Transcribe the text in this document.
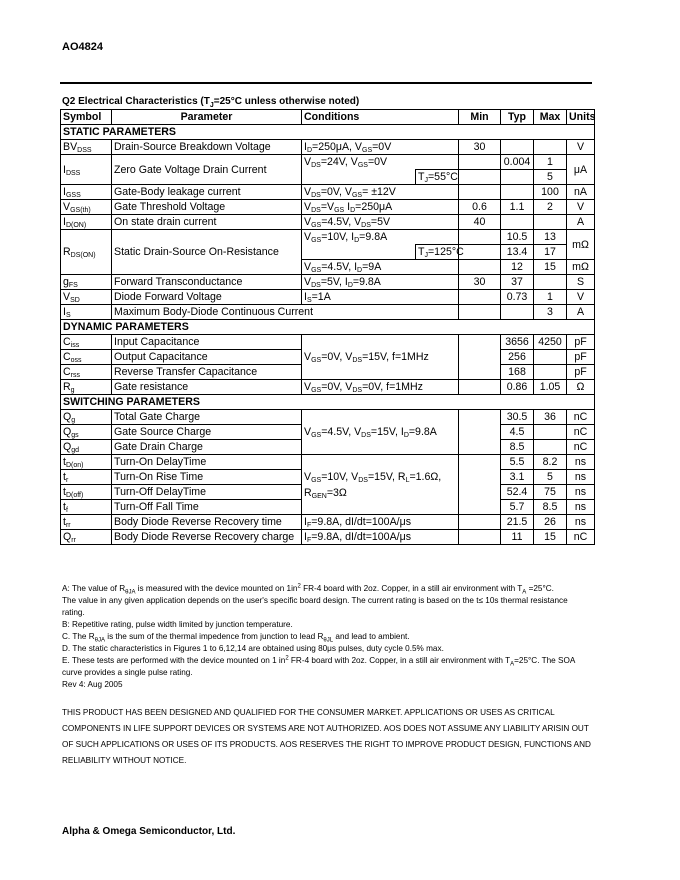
AO4824
Q2 Electrical Characteristics ($T_J=25^\circ C$ unless otherwise noted)
Symbol	Parameter	Conditions		Min	Typ	Max	Units
STATIC PARAMETERS							
$BV_{DSS}$	Drain-Source Breakdown Voltage	$I_D=250\mu A$, $V_{GS}=0V$		30			V
$I_{DSS}$	Zero Gate Voltage Drain Current	$V_{DS}=24V$, $V_{GS}=0V$			0.004	1	μA
			$T_J=55^\circ C$			5	
$I_{GSS}$	Gate-Body leakage current	$V_{DS}=0V$, $V_{GS}= \pm 12V$				100	nA
$V_{GS(th)}$	Gate Threshold Voltage	$V_{DS}=V_{GS}$ $I_D=250\mu A$		0.6	1.1	2	V
$I_{D(ON)}$	On state drain current	$V_{GS}=4.5V$, $V_{DS}=5V$		40			A
$R_{DS(ON)}$	Static Drain-Source On-Resistance	$V_{GS}=10V$, $I_D=9.8A$			10.5	13	mΩ
			$T_J=125^\circ C$		13.4	17	
		$V_{GS}=4.5V$, $I_D=9A$			12	15	mΩ
$g_{FS}$	Forward Transconductance	$V_{DS}=5V$, $I_D=9.8A$		30	37		S
$V_{SD}$	Diode Forward Voltage	$I_S=1A$			0.73	1	V
$I_S$	Maximum Body-Diode Continuous Current					3	A
DYNAMIC PARAMETERS							
$C_{iss}$	Input Capacitance	$V_{GS}=0V$, $V_{DS}=15V$, f=1MHz			3656	4250	pF
$C_{oss}$	Output Capacitance				256		pF
$C_{rss}$	Reverse Transfer Capacitance				168		pF
$R_g$	Gate resistance	$V_{GS}=0V$, $V_{DS}=0V$, f=1MHz			0.86	1.05	Ω
SWITCHING PARAMETERS							
$Q_g$	Total Gate Charge	$V_{GS}=4.5V$, $V_{DS}=15V$, $I_D=9.8A$			30.5	36	nC
$Q_{gs}$	Gate Source Charge				4.5		nC
$Q_{gd}$	Gate Drain Charge				8.5		nC
$t_{D(on)}$	Turn-On DelayTime	$V_{GS}=10V$, $V_{DS}=15V$, $R_L=1.6\Omega$,
$R_{GEN}=3\Omega$			5.5	8.2	ns
$t_r$	Turn-On Rise Time				3.1	5	ns
$t_{D(off)}$	Turn-Off DelayTime				52.4	75	ns
$t_f$	Turn-Off Fall Time				5.7	8.5	ns
$t_{rr}$	Body Diode Reverse Recovery time	$I_F=9.8A$, dI/dt=100A/μs			21.5	26	ns
$Q_{rr}$	Body Diode Reverse Recovery charge	$I_F=9.8A$, dI/dt=100A/μs			11	15	nC
A: The value of $R_{\theta JA}$ is measured with the device mounted on $1in^2$ FR-4 board with 2oz. Copper, in a still air environment with $T_A =25^\circ C$.
The value in any given application depends on the user's specific board design. The current rating is based on the t≤ 10s thermal resistance rating.
B: Repetitive rating, pulse width limited by junction temperature.
C. The $R_{\theta JA}$ is the sum of the thermal impedence from junction to lead $R_{\theta JL}$ and lead to ambient.
D. The static characteristics in Figures 1 to 6,12,14 are obtained using 80μs pulses, duty cycle 0.5% max.
E. These tests are performed with the device mounted on 1 $in^2$ FR-4 board with 2oz. Copper, in a still air environment with $T_A=25^\circ C$. The SOA curve provides a single pulse rating.
Rev 4: Aug 2005
THIS PRODUCT HAS BEEN DESIGNED AND QUALIFIED FOR THE CONSUMER MARKET. APPLICATIONS OR USES AS CRITICAL COMPONENTS IN LIFE SUPPORT DEVICES OR SYSTEMS ARE NOT AUTHORIZED. AOS DOES NOT ASSUME ANY LIABILITY ARISIN OUT OF SUCH APPLICATIONS OR USES OF ITS PRODUCTS. AOS RESERVES THE RIGHT TO IMPROVE PRODUCT DESIGN, FUNCTIONS AND RELIABILITY WITHOUT NOTICE.
Alpha & Omega Semiconductor, Ltd.
